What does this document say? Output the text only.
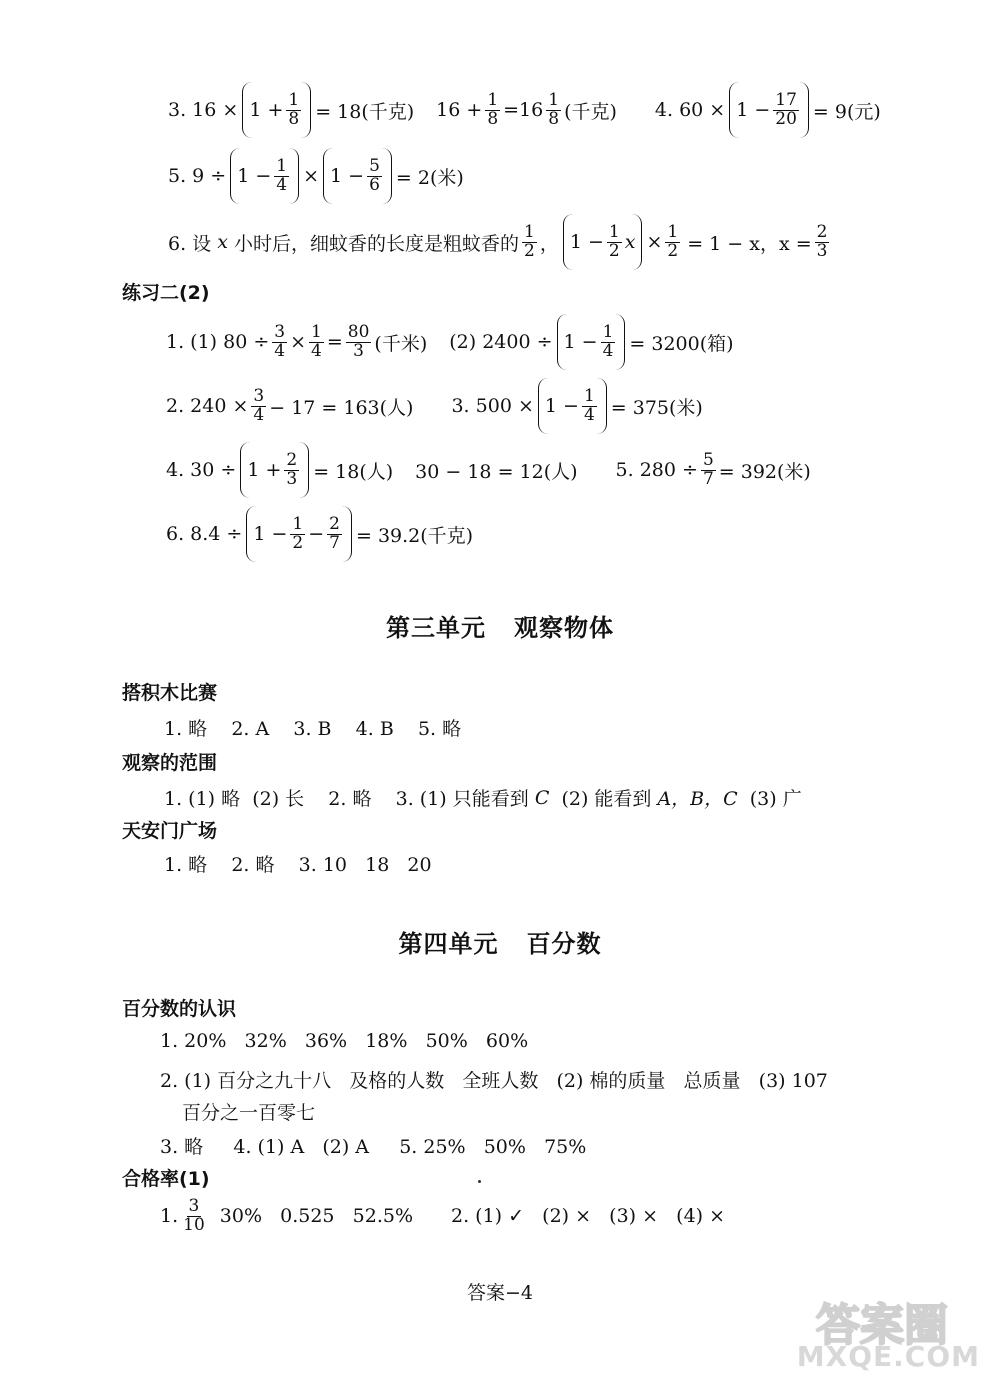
3. $16 \times 1 + \frac{1}{8} = 18$(千克) $16 + \frac{1}{8} =16 \frac{1}{8}$ (千克) 4. $60 \times 1 - \frac{17}{20} = 9$(元)
5. $9 \div 1 - \frac{1}{4} \times 1 - \frac{5}{6} = 2$(米)
6. 设
x
小时后，细蚊香的长度是粗蚊香的 $\frac{1}{2}$ ， $1 - \frac{1}{2}$ $x \times \frac{1}{2} = 1 - x$，$x = \frac{2}{3}$
练习二(2)
1. (1) $80 \div \frac{3}{4} \times \frac{1}{4} = \frac{80}{3}$ (千米) (2) $2400 \div 1 - \frac{1}{4} = 3200$(箱)
2. $240 \times \frac{3}{4} - 17 = 163$(人) 3. $500 \times 1 - \frac{1}{4} = 375$(米)
4. $30 \div 1 + \frac{2}{3} = 18$(人) 30 − 18 = 12(人) 5. $280 \div \frac{5}{7} = 392$(米)
6. $8.4 \div 1 - \frac{1}{2} - \frac{2}{7} = 39.2$(千克)
第三单元 观察物体
搭积木比赛
1. 略    2. A    3. B    4. B    5. 略
观察的范围
1. (1) 略  (2) 长    2. 略    3. (1) 只能看到 C (2) 能看到 A，B，C (3) 广
天安门广场
1. 略    2. 略    3. 10   18   20
第四单元 百分数
百分数的认识
1. 20%   32%   36%   18%   50%   60%
2. (1) 百分之九十八   及格的人数   全班人数   (2) 棉的质量   总质量   (3) 107
百分之一百零七
3. 略     4. (1) A   (2) A     5. 25%   50%   75%
合格率(1)
1. $\frac{3}{10} 30\%$   0.525   52.5% 2. (1) ✓   (2) ×   (3) ×   (4) ×
答案−4
答案圈
MXQE.COM
